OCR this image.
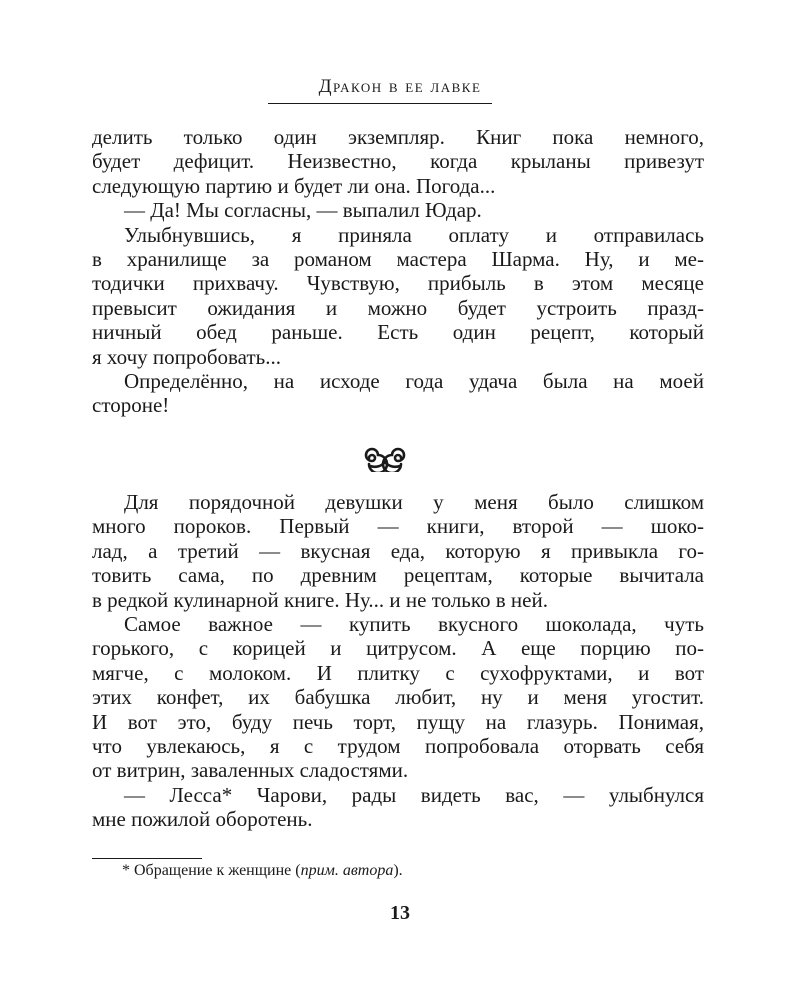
Дракон в ее лавке
делить только один экземпляр. Книг пока немного,
будет дефицит. Неизвестно, когда крыланы привезут
следующую партию и будет ли она. Погода...
— Да! Мы согласны, — выпалил Юдар.
Улыбнувшись, я приняла оплату и отправилась
в хранилище за романом мастера Шарма. Ну, и ме-
тодички прихвачу. Чувствую, прибыль в этом месяце
превысит ожидания и можно будет устроить празд-
ничный обед раньше. Есть один рецепт, который
я хочу попробовать...
Определённо, на исходе года удача была на моей
стороне!
Для порядочной девушки у меня было слишком
много пороков. Первый — книги, второй — шоко-
лад, а третий — вкусная еда, которую я привыкла го-
товить сама, по древним рецептам, которые вычитала
в редкой кулинарной книге. Ну... и не только в ней.
Самое важное — купить вкусного шоколада, чуть
горького, с корицей и цитрусом. А еще порцию по-
мягче, с молоком. И плитку с сухофруктами, и вот
этих конфет, их бабушка любит, ну и меня угостит.
И вот это, буду печь торт, пущу на глазурь. Понимая,
что увлекаюсь, я с трудом попробовала оторвать себя
от витрин, заваленных сладостями.
— Лесса* Чарови, рады видеть вас, — улыбнулся
мне пожилой оборотень.
* Обращение к женщине (прим. автора).
13
